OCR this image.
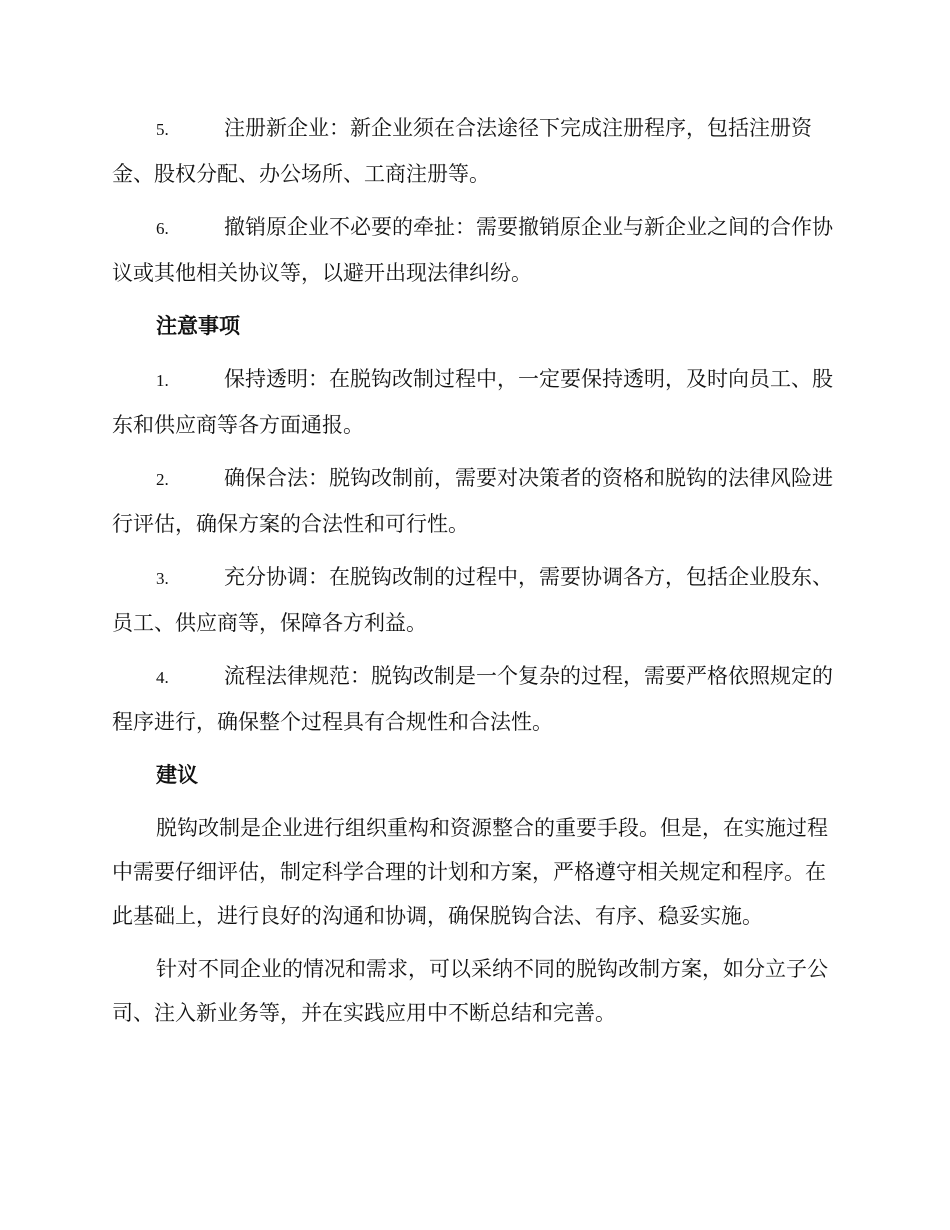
5.	注册新企业：新企业须在合法途径下完成注册程序，包括注册资金、股权分配、办公场所、工商注册等。
6.	撤销原企业不必要的牵扯：需要撤销原企业与新企业之间的合作协议或其他相关协议等，以避开出现法律纠纷。
注意事项
1.	保持透明：在脱钩改制过程中，一定要保持透明，及时向员工、股东和供应商等各方面通报。
2.	确保合法：脱钩改制前，需要对决策者的资格和脱钩的法律风险进行评估，确保方案的合法性和可行性。
3.	充分协调：在脱钩改制的过程中，需要协调各方，包括企业股东、员工、供应商等，保障各方利益。
4.	流程法律规范：脱钩改制是一个复杂的过程，需要严格依照规定的程序进行，确保整个过程具有合规性和合法性。
建议

脱钩改制是企业进行组织重构和资源整合的重要手段。但是，在实施过程中需要仔细评估，制定科学合理的计划和方案，严格遵守相关规定和程序。在此基础上，进行良好的沟通和协调，确保脱钩合法、有序、稳妥实施。

针对不同企业的情况和需求，可以采纳不同的脱钩改制方案，如分立子公司、注入新业务等，并在实践应用中不断总结和完善。
